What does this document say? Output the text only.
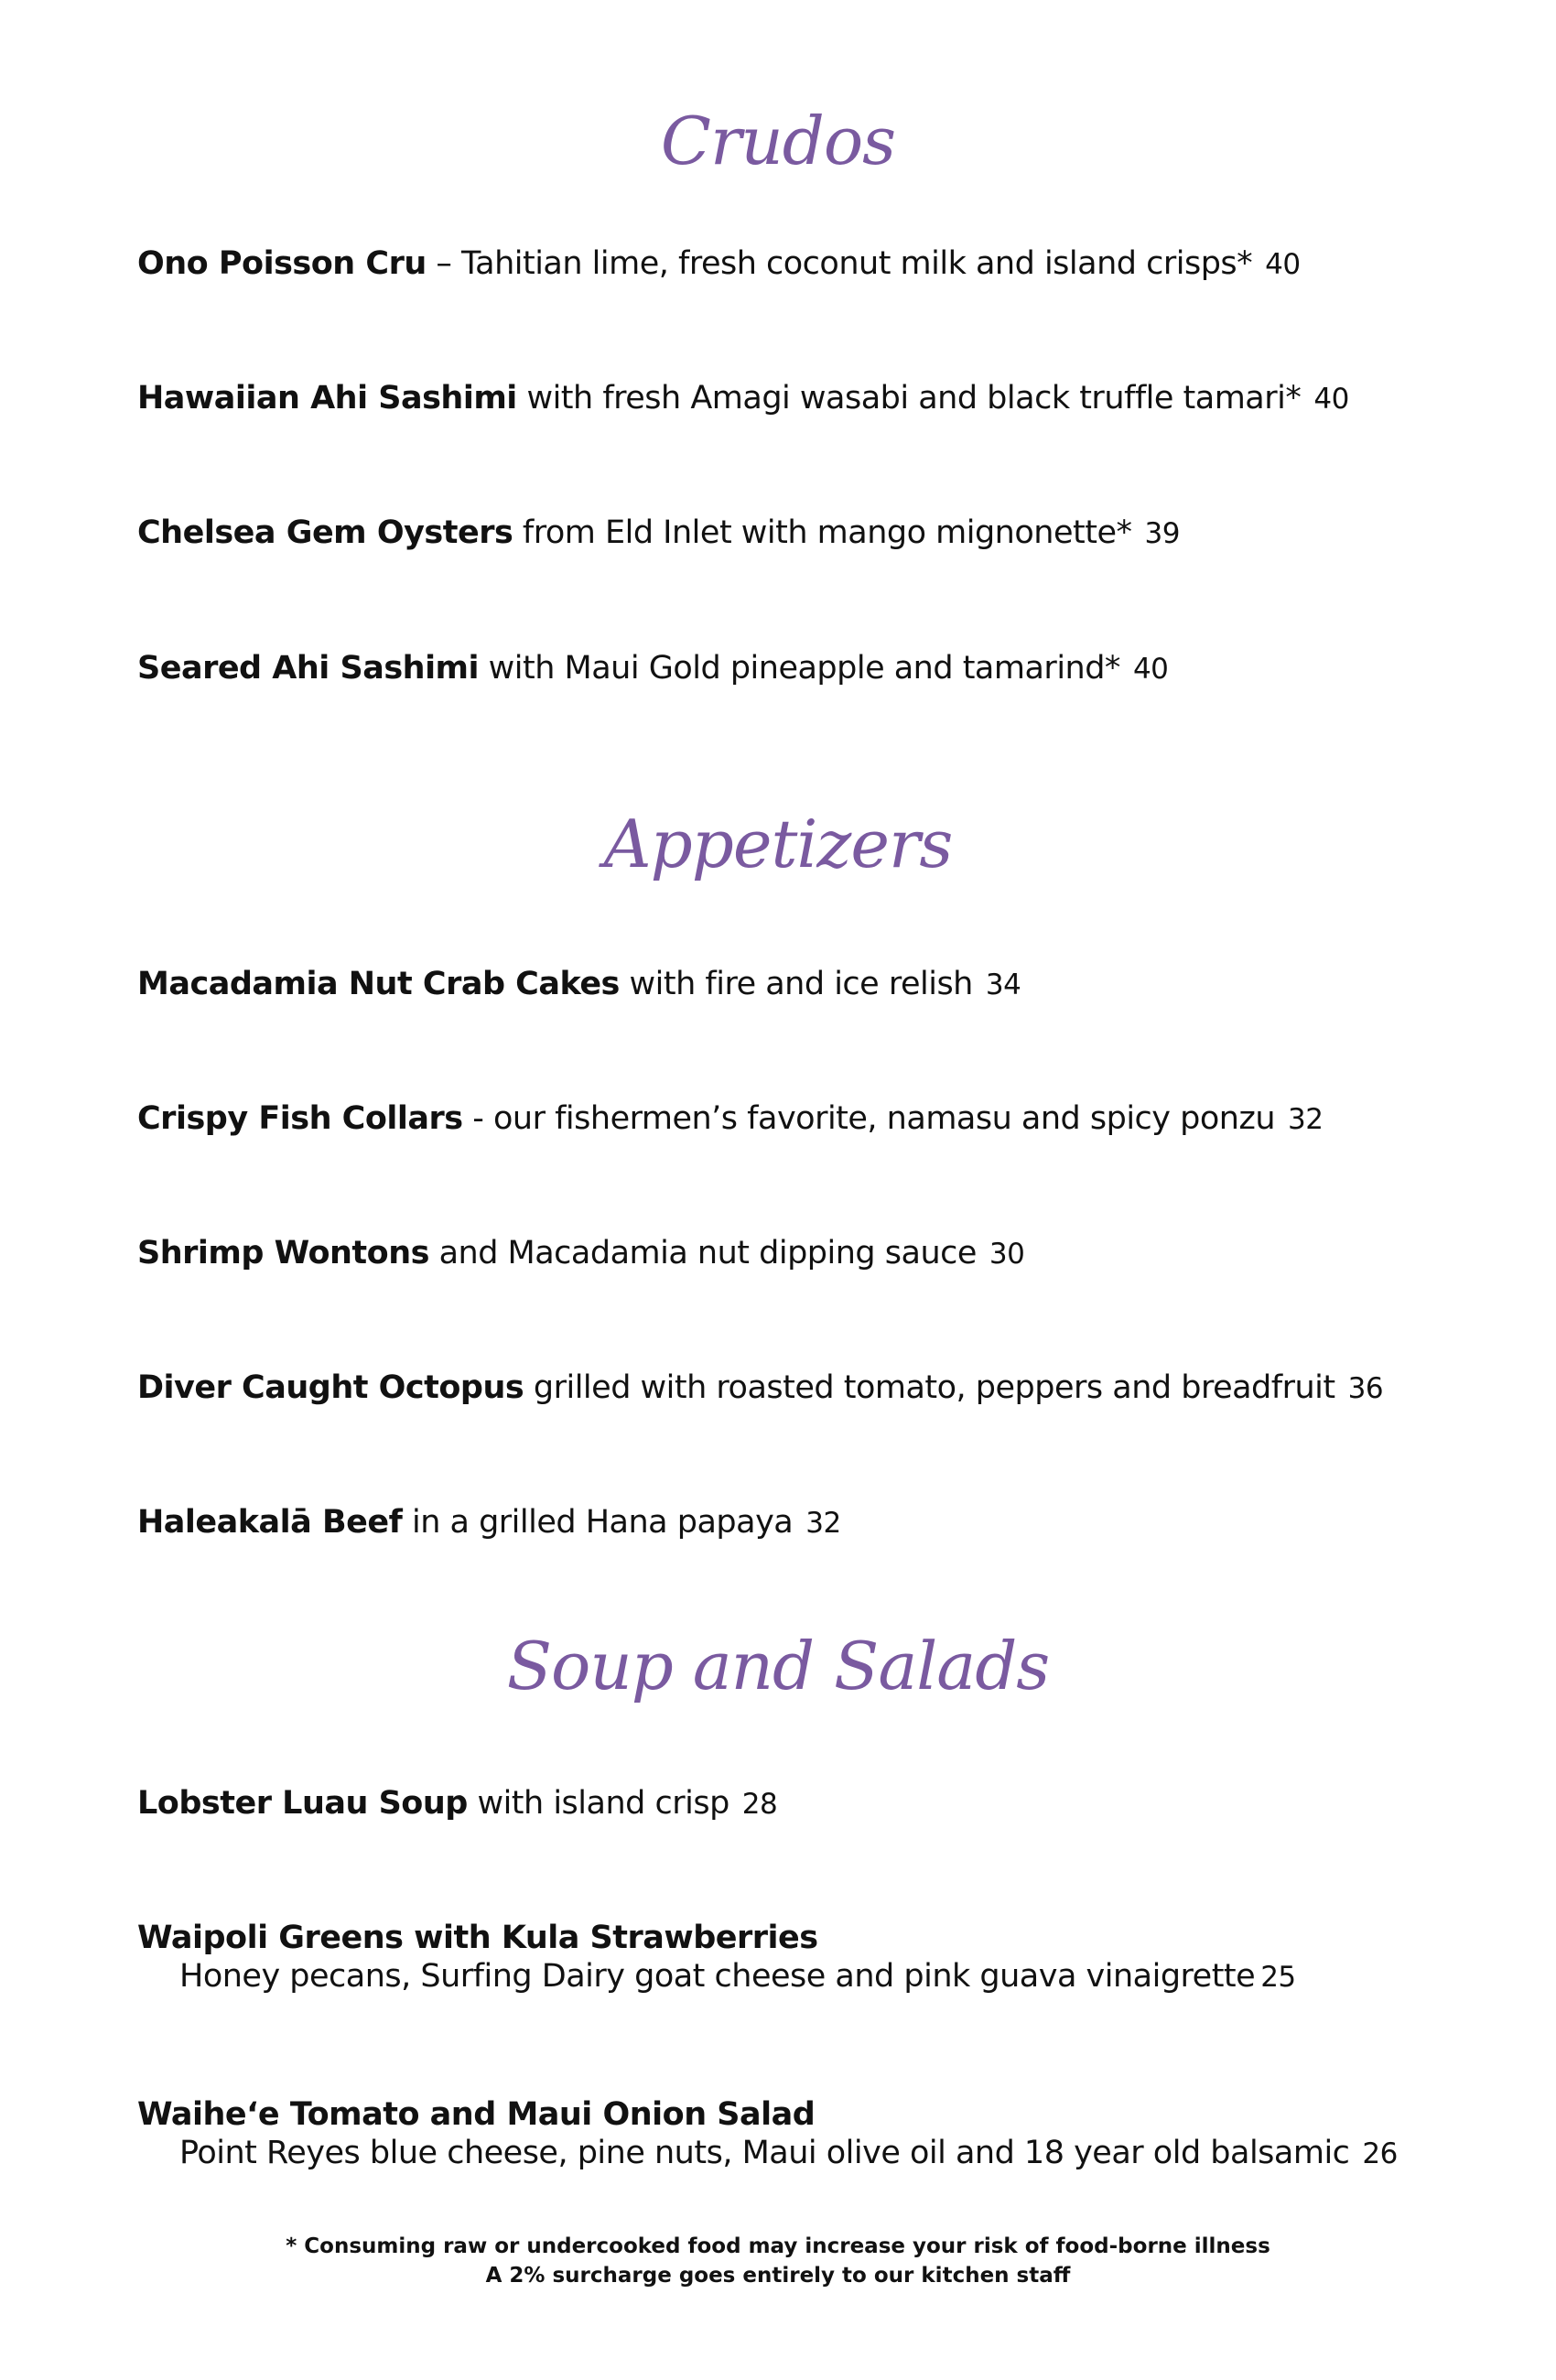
Crudos
Ono Poisson Cru – Tahitian lime, fresh coconut milk and island crisps* 40
Hawaiian Ahi Sashimi with fresh Amagi wasabi and black truffle tamari* 40
Chelsea Gem Oysters from Eld Inlet with mango mignonette* 39
Seared Ahi Sashimi with Maui Gold pineapple and tamarind* 40
Appetizers
Macadamia Nut Crab Cakes with fire and ice relish 34
Crispy Fish Collars - our fishermen’s favorite, namasu and spicy ponzu 32
Shrimp Wontons and Macadamia nut dipping sauce 30
Diver Caught Octopus grilled with roasted tomato, peppers and breadfruit 36
Haleakalā Beef in a grilled Hana papaya 32
Soup and Salads
Lobster Luau Soup with island crisp 28
Waipoli Greens with Kula Strawberries
Honey pecans, Surfing Dairy goat cheese and pink guava vinaigrette 25
Waihe‘e Tomato and Maui Onion Salad
Point Reyes blue cheese, pine nuts, Maui olive oil and 18 year old balsamic 26
* Consuming raw or undercooked food may increase your risk of food-borne illness
A 2% surcharge goes entirely to our kitchen staff
